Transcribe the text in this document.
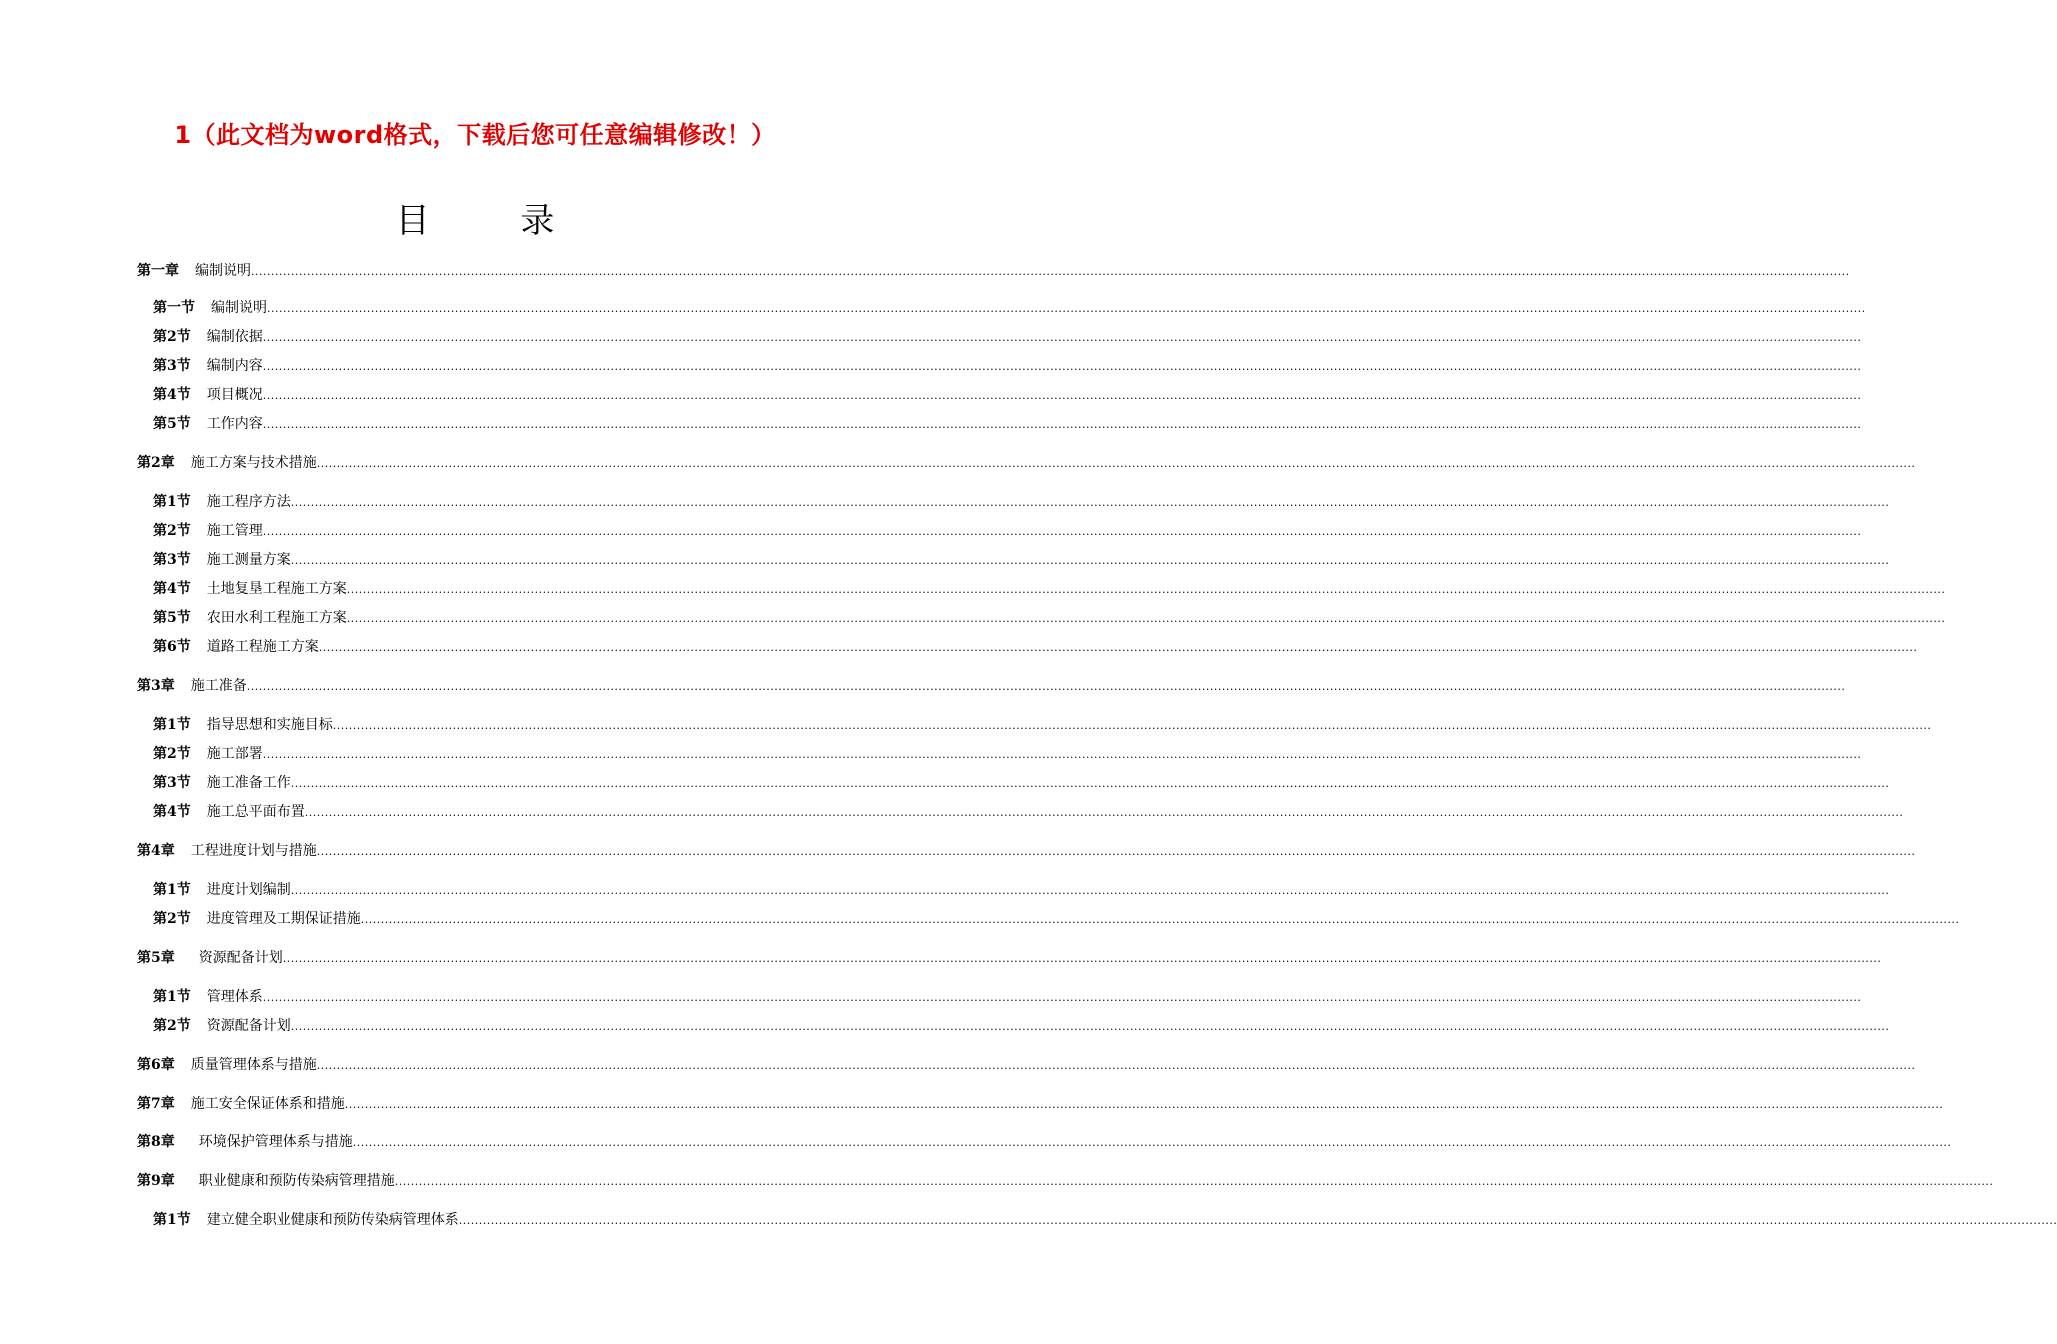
1（此文档为word格式，下载后您可任意编辑修改！）
目 录
第一章 编制说明 ................................................................................................................................................................................................................................................................................................................................................................................................................
第一节 编制说明 ................................................................................................................................................................................................................................................................................................................................................................................................................
第2节 编制依据 ................................................................................................................................................................................................................................................................................................................................................................................................................
第3节 编制内容 ................................................................................................................................................................................................................................................................................................................................................................................................................
第4节 项目概况 ................................................................................................................................................................................................................................................................................................................................................................................................................
第5节 工作内容 ................................................................................................................................................................................................................................................................................................................................................................................................................
第2章 施工方案与技术措施 ................................................................................................................................................................................................................................................................................................................................................................................................................
第1节 施工程序方法 ................................................................................................................................................................................................................................................................................................................................................................................................................
第2节 施工管理 ................................................................................................................................................................................................................................................................................................................................................................................................................
第3节 施工测量方案 ................................................................................................................................................................................................................................................................................................................................................................................................................
第4节 土地复垦工程施工方案 ................................................................................................................................................................................................................................................................................................................................................................................................................
第5节 农田水利工程施工方案 ................................................................................................................................................................................................................................................................................................................................................................................................................
第6节 道路工程施工方案 ................................................................................................................................................................................................................................................................................................................................................................................................................
第3章 施工准备 ................................................................................................................................................................................................................................................................................................................................................................................................................
第1节 指导思想和实施目标 ................................................................................................................................................................................................................................................................................................................................................................................................................
第2节 施工部署 ................................................................................................................................................................................................................................................................................................................................................................................................................
第3节 施工准备工作 ................................................................................................................................................................................................................................................................................................................................................................................................................
第4节 施工总平面布置 ................................................................................................................................................................................................................................................................................................................................................................................................................
第4章 工程进度计划与措施 ................................................................................................................................................................................................................................................................................................................................................................................................................
第1节 进度计划编制 ................................................................................................................................................................................................................................................................................................................................................................................................................
第2节 进度管理及工期保证措施 ................................................................................................................................................................................................................................................................................................................................................................................................................
第5章 资源配备计划 ................................................................................................................................................................................................................................................................................................................................................................................................................
第1节 管理体系 ................................................................................................................................................................................................................................................................................................................................................................................................................
第2节 资源配备计划 ................................................................................................................................................................................................................................................................................................................................................................................................................
第6章 质量管理体系与措施 ................................................................................................................................................................................................................................................................................................................................................................................................................
第7章 施工安全保证体系和措施 ................................................................................................................................................................................................................................................................................................................................................................................................................
第8章 环境保护管理体系与措施 ................................................................................................................................................................................................................................................................................................................................................................................................................
第9章 职业健康和预防传染病管理措施 ................................................................................................................................................................................................................................................................................................................................................................................................................
第1节 建立健全职业健康和预防传染病管理体系 ................................................................................................................................................................................................................................................................................................................................................................................................................
